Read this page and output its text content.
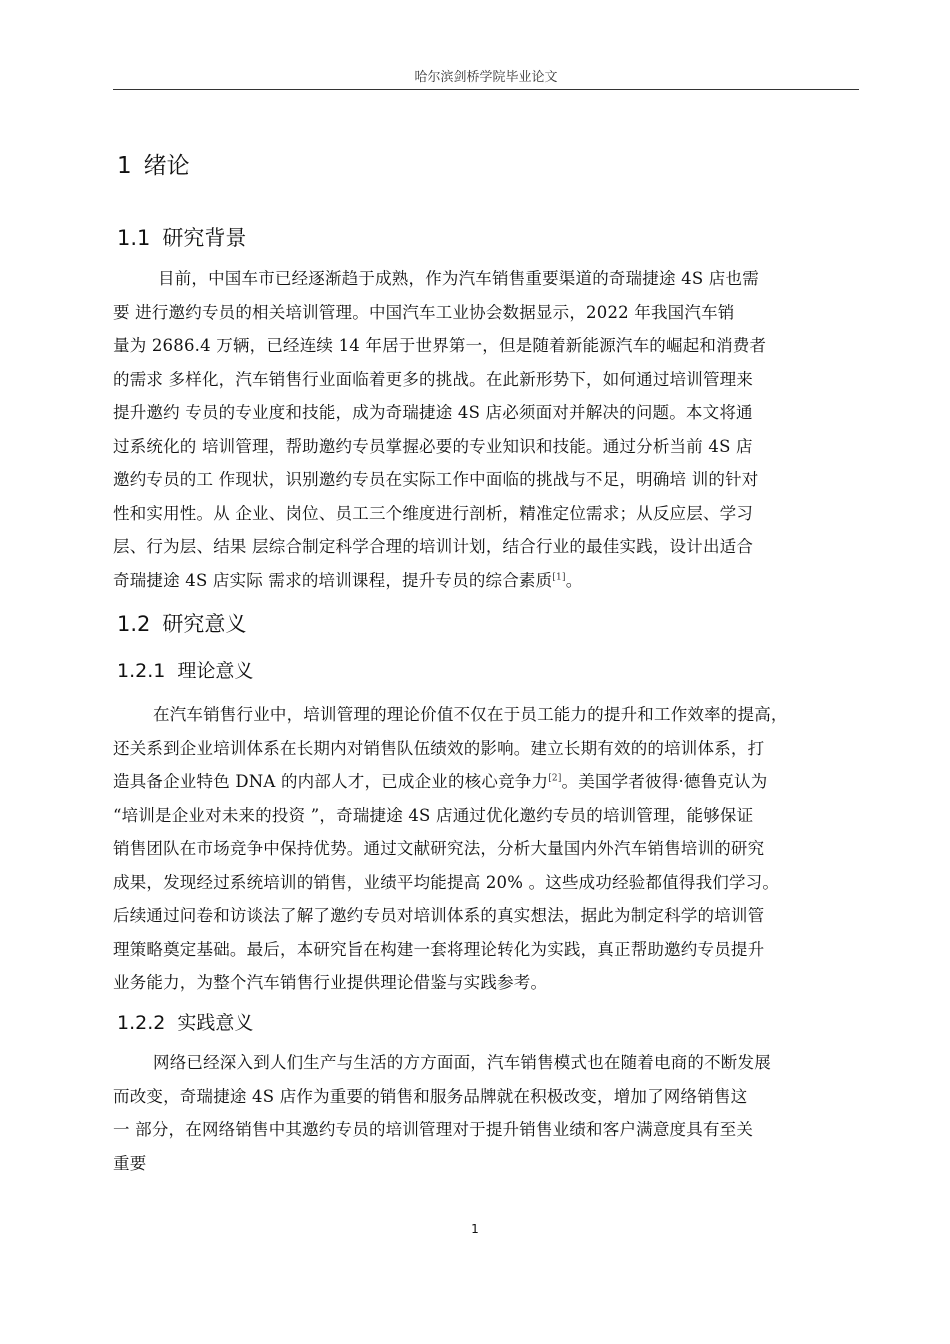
哈尔滨剑桥学院毕业论文
1 绪论
1.1 研究背景

目前，中国车市已经逐渐趋于成熟，作为汽车销售重要渠道的奇瑞捷途 4S 店也需
要 进行邀约专员的相关培训管理。中国汽车工业协会数据显示，2022 年我国汽车销
量为 2686.4 万辆，已经连续 14 年居于世界第一，但是随着新能源汽车的崛起和消费者
的需求 多样化，汽车销售行业面临着更多的挑战。在此新形势下，如何通过培训管理来
提升邀约 专员的专业度和技能，成为奇瑞捷途 4S 店必须面对并解决的问题。本文将通
过系统化的 培训管理，帮助邀约专员掌握必要的专业知识和技能。通过分析当前 4S 店
邀约专员的工 作现状，识别邀约专员在实际工作中面临的挑战与不足，明确培 训的针对
性和实用性。从 企业、岗位、员工三个维度进行剖析，精准定位需求；从反应层、学习
层、行为层、结果 层综合制定科学合理的培训计划，结合行业的最佳实践，设计出适合
奇瑞捷途 4S 店实际 需求的培训课程，提升专员的综合素质[1]。

1.2 研究意义
1.2.1 理论意义

在汽车销售行业中，培训管理的理论价值不仅在于员工能力的提升和工作效率的提高，
还关系到企业培训体系在长期内对销售队伍绩效的影响。建立长期有效的的培训体系，打
造具备企业特色 DNA 的内部人才，已成企业的核心竞争力[2]。美国学者彼得·德鲁克认为
“培训是企业对未来的投资 ”，奇瑞捷途 4S 店通过优化邀约专员的培训管理，能够保证
销售团队在市场竞争中保持优势。通过文献研究法，分析大量国内外汽车销售培训的研究
成果，发现经过系统培训的销售，业绩平均能提高 20% 。这些成功经验都值得我们学习。
后续通过问卷和访谈法了解了邀约专员对培训体系的真实想法，据此为制定科学的培训管
理策略奠定基础。最后，本研究旨在构建一套将理论转化为实践，真正帮助邀约专员提升
业务能力，为整个汽车销售行业提供理论借鉴与实践参考。

1.2.2 实践意义

网络已经深入到人们生产与生活的方方面面，汽车销售模式也在随着电商的不断发展
而改变，奇瑞捷途 4S 店作为重要的销售和服务品牌就在积极改变，增加了网络销售这
一 部分，在网络销售中其邀约专员的培训管理对于提升销售业绩和客户满意度具有至关
重要

1
